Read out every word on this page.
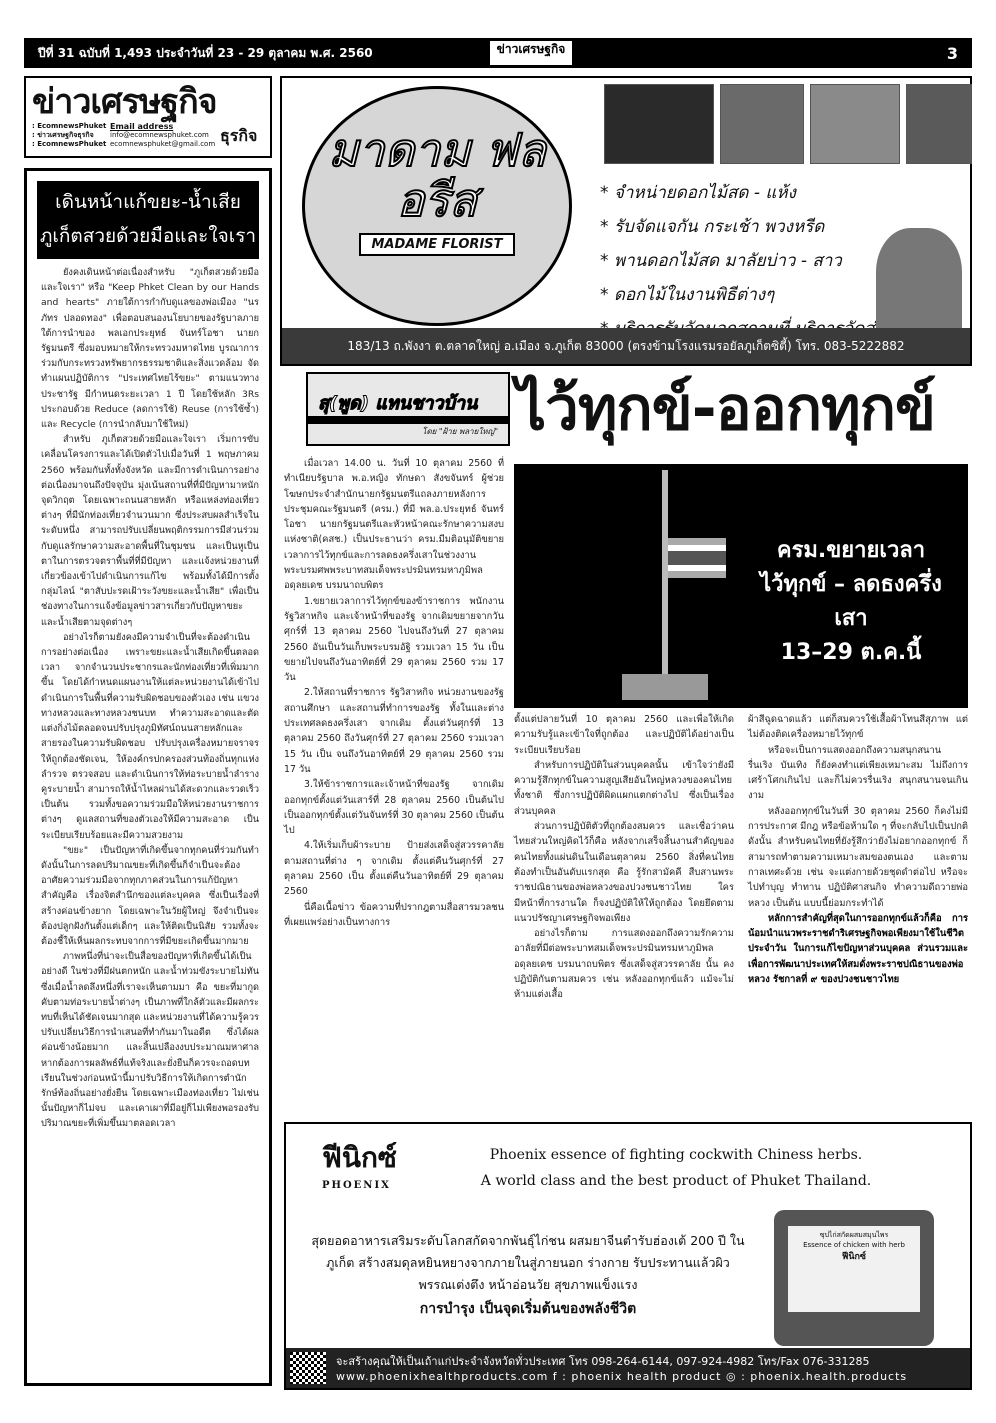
ปีที่ 31 ฉบับที่ 1,493 ประจำวันที่ 23 - 29 ตุลาคม พ.ศ. 2560	ข่าวเศรษฐกิจ	3
ข่าวเศรษฐกิจ
: EcomnewsPhuket
: ข่าวเศรษฐกิจธุรกิจ
: EcomnewsPhuket
Email address
info@ecomnewsphuket.com
ecomnewsphuket@gmail.com ธุรกิจ
เดินหน้าแก้ขยะ-น้ำเสีย
ภูเก็ตสวยด้วยมือและใจเรา

ยังคงเดินหน้าต่อเนื่องสำหรับ "ภูเก็ตสวยด้วยมือและใจเรา" หรือ "Keep Phket Clean by our Hands and hearts" ภายใต้การกำกับดูแลของพ่อเมือง "นรภัทร ปลอดทอง" เพื่อตอบสนองนโยบายของรัฐบาลภายใต้การนำของ พลเอกประยุทธ์ จันทร์โอชา นายกรัฐมนตรี ซึ่งมอบหมายให้กระทรวงมหาดไทย บูรณาการร่วมกับกระทรวงทรัพยากรธรรมชาติและสิ่งแวดล้อม จัดทำแผนปฏิบัติการ "ประเทศไทยไร้ขยะ" ตามแนวทางประชารัฐ มีกำหนดระยะเวลา 1 ปี โดยใช้หลัก 3Rs ประกอบด้วย Reduce (ลดการใช้) Reuse (การใช้ซ้ำ) และ Recycle (การนำกลับมาใช้ใหม่)

สำหรับ ภูเก็ตสวยด้วยมือและใจเรา เริ่มการขับเคลื่อนโครงการและได้เปิดตัวไปเมื่อวันที่ 1 พฤษภาคม 2560 พร้อมกันทั้งทั้งจังหวัด และมีการดำเนินการอย่างต่อเนื่องมาจนถึงปัจจุบัน มุ่งเน้นสถานที่ที่มีปัญหามาหนัก จุดวิกฤต โดยเฉพาะถนนสายหลัก หรือแหล่งท่องเที่ยวต่างๆ ที่มีนักท่องเที่ยวจำนวนมาก ซึ่งประสบผลสำเร็จในระดับหนึ่ง สามารถปรับเปลี่ยนพฤติกรรมการมีส่วนร่วมกับดูแลรักษาความสะอาดพื้นที่ในชุมชน และเป็นหูเป็นตาในการตรวจตราพื้นที่ที่มีปัญหา และแจ้งหน่วยงานที่เกี่ยวข้องเข้าไปดำเนินการแก้ไข พร้อมทั้งได้มีการตั้งกลุ่มไลน์ "ตาสับปะรดเฝ้าระวังขยะและน้ำเสีย" เพื่อเป็นช่องทางในการแจ้งข้อมูลข่าวสารเกี่ยวกับปัญหาขยะและน้ำเสียตามจุดต่างๆ

อย่างไรก็ตามยังคงมีความจำเป็นที่จะต้องดำเนินการอย่างต่อเนื่อง เพราะขยะและน้ำเสียเกิดขึ้นตลอดเวลา จากจำนวนประชากรและนักท่องเที่ยวที่เพิ่มมากขึ้น โดยได้กำหนดแผนงานให้แต่ละหน่วยงานได้เข้าไปดำเนินการในพื้นที่ความรับผิดชอบของตัวเอง เช่น แขวงทางหลวงและทางหลวงชนบท ทำความสะอาดและตัดแต่งกิ่งไม้ตลอดจนปรับปรุงภูมิทัศน์ถนนสายหลักและสายรองในความรับผิดชอบ ปรับปรุงเครื่องหมายจราจรให้ถูกต้องชัดเจน, ให้องค์กรปกครองส่วนท้องถิ่นทุกแห่งลำรวจ ตรวจสอบ และดำเนินการให้ท่อระบายน้ำลำราง คูระบายน้ำ สามารถให้น้ำไหลผ่านได้สะดวกและรวดเร็ว เป็นต้น รวมทั้งขอความร่วมมือให้หน่วยงานราชการต่างๆ ดูแลสถานที่ของตัวเองให้มีความสะอาด เป็นระเบียบเรียบร้อยและมีความสวยงาม

"ขยะ" เป็นปัญหาที่เกิดขึ้นจากทุกคนที่ร่วมกันทำ ดังนั้นในการลดปริมาณขยะที่เกิดขึ้นก็จำเป็นจะต้องอาศัยความร่วมมือจากทุกภาคส่วนในการแก้ปัญหา สำคัญคือ เรื่องจิตสำนึกของแต่ละบุคคล ซึ่งเป็นเรื่องที่สร้างค่อนข้างยาก โดยเฉพาะในวัยผู้ใหญ่ จึงจำเป็นจะต้องปลูกฝังกันตั้งแต่เด็กๆ และให้ติดเป็นนิสัย รวมทั้งจะต้องชี้ให้เห็นผลกระทบจากการที่มีขยะเกิดขึ้นมากมาย

ภาพหนึ่งที่น่าจะเป็นสื่อของปัญหาที่เกิดขึ้นได้เป็นอย่างดี ในช่วงที่มีฝนตกหนัก และน้ำท่วมขังระบายไม่ทัน ซึ่งเมื่อน้ำลดลึงหนึ่งที่เราจะเห็นตามมา คือ ขยะที่มากูดคับตามท่อระบายน้ำต่างๆ เป็นภาพที่ใกล้ตัวและมีผลกระทบที่เห็นได้ชัดเจนมากสุด และหน่วยงานที่ได้ความรู้ควรปรับเปลี่ยนวิธีการนำเสนอที่ทำกันมาในอดีต ซึ่งได้ผลค่อนข้างน้อยมาก และสิ้นเปลืองงบประมาณมหาศาล หากต้องการผลลัพธ์ที่แท้จริงและยั่งยืนก็ควรจะถอดบทเรียนในช่วงก่อนหน้านี้มาปรับวิธีการให้เกิดการตำนักรักษ์ท้องถิ่นอย่างยั่งยืน โดยเฉพาะเมืองท่องเที่ยว ไม่เช่นนั้นปัญหาก็ไม่จบ และเคาเผาที่มีอยู่ก็ไม่เพียงพอรองรับปริมาณขยะที่เพิ่มขึ้นมาตลอดเวลา

มาดาม ฟลอรีส
MADAME FLORIST
* จำหน่ายดอกไม้สด - แห้ง
* รับจัดแจกัน กระเช้า พวงหรีด
* พานดอกไม้สด มาลัยบ่าว - สาว
* ดอกไม้ในงานพิธีต่างๆ
183/13 ถ.พังงา ต.ตลาดใหญ่ อ.เมือง จ.ภูเก็ต 83000 (ตรงข้ามโรงแรมรอยัลภูเก็ตซิตี้) โทร. 083-5222882
สุ(พูด) แทนชาวบ้าน
โดย "ฝ้าย พลายใหญ่" ไว้ทุกข์-ออกทุกข์

เมื่อเวลา 14.00 น. วันที่ 10 ตุลาคม 2560 ที่ทำเนียบรัฐบาล พ.อ.หญิง ทักษดา สังขจันทร์ ผู้ช่วยโฆษกประจำสำนักนายกรัฐมนตรีแถลงภายหลังการประชุมคณะรัฐมนตรี (ครม.) ที่มี พล.อ.ประยุทธ์ จันทร์โอชา นายกรัฐมนตรีและหัวหน้าคณะรักษาความสงบแห่งชาติ(คสช.) เป็นประธานว่า ครม.มีมติอนุมัติขยายเวลาการไว้ทุกข์และการลดธงครึ่งเสาในช่วงงานพระบรมศพพระบาทสมเด็จพระปรมินทรมหาภูมิพลอดุลยเดช บรมนาถบพิตร

1.ขยายเวลาการไว้ทุกข์ของข้าราชการ พนักงานรัฐวิสาหกิจ และเจ้าหน้าที่ของรัฐ จากเดิมขยายจากวันศุกร์ที่ 13 ตุลาคม 2560 ไปจนถึงวันที่ 27 ตุลาคม 2560 อันเป็นวันเก็บพระบรมอัฐิ รวมเวลา 15 วัน เป็น ขยายไปจนถึงวันอาทิตย์ที่ 29 ตุลาคม 2560 รวม 17 วัน

2.ให้สถานที่ราชการ รัฐวิสาหกิจ หน่วยงานของรัฐ สถานศึกษา และสถานที่ทำการของรัฐ ทั้งในและต่างประเทศลดธงครึ่งเสา จากเดิม ตั้งแต่วันศุกร์ที่ 13 ตุลาคม 2560 ถึงวันศุกร์ที่ 27 ตุลาคม 2560 รวมเวลา 15 วัน เป็น จนถึงวันอาทิตย์ที่ 29 ตุลาคม 2560 รวม 17 วัน

3.ให้ข้าราชการและเจ้าหน้าที่ของรัฐ จากเดิม ออกทุกข์ตั้งแต่วันเสาร์ที่ 28 ตุลาคม 2560 เป็นต้นไป เป็นออกทุกข์ตั้งแต่วันจันทร์ที่ 30 ตุลาคม 2560 เป็นต้นไป

4.ให้เริ่มเก็บผ้าระบาย ป้ายส่งเสด็จสู่สวรรคาลัย ตามสถานที่ต่าง ๆ จากเดิม ตั้งแต่คืนวันศุกร์ที่ 27 ตุลาคม 2560 เป็น ตั้งแต่คืนวันอาทิตย์ที่ 29 ตุลาคม 2560

นี่คือเนื้อข่าว ข้อความที่ปรากฎตามสื่อสารมวลชนที่เผยแพร่อย่างเป็นทางการ

ครม.ขยายเวลา
ไว้ทุกข์ – ลดธงครึ่งเสา
13–29 ต.ค.นี้

ตั้งแต่ปลายวันที่ 10 ตุลาคม 2560 และเพื่อให้เกิดความรับรู้และเข้าใจที่ถูกต้อง และปฏิบัติได้อย่างเป็นระเบียบเรียบร้อย

สำหรับการปฏิบัติในส่วนบุคคลนั้น เข้าใจว่ายังมีความรู้สึกทุกข์ในความสูญเสียอันใหญ่หลวงของคนไทยทั้งชาติ ซึ่งการปฏิบัติผิดแผกแตกต่างไป ซึ่งเป็นเรื่องส่วนบุคคล

ส่วนการปฏิบัติตัวที่ถูกต้องสมควร และเชื่อว่าคนไทยส่วนใหญ่คิดไว้ก็คือ หลังจากเสร็จสิ้นงานสำคัญของคนไทยทั้งแผ่นดินในเดือนตุลาคม 2560 สิ่งที่คนไทยต้องทำเป็นอันดับแรกสุด คือ รู้รักสามัคคี สืบสานพระราชปณิธานของพ่อหลวงของปวงชนชาวไทย ใครมีหน้าที่การงานใด ก็จงปฏิบัติให้ให้ถูกต้อง โดยยึดตามแนวปรัชญาเศรษฐกิจพอเพียง

อย่างไรก็ตาม การแสดงออกถึงความรักความอาลัยที่มีต่อพระบาทสมเด็จพระปรมินทรมหาภูมิพลอดุลยเดช บรมนาถบพิตร ซึ่งเสด็จสู่สวรรคาลัย นั้น คงปฏิบัติกันตามสมควร เช่น หลังออกทุกข์แล้ว แม้จะไม่ห้ามแต่งเสื้อ

ผ้าสีฉูดฉาดแล้ว แต่ก็สมควรใช้เสื้อผ้าโทนสีสุภาพ แต่ไม่ต้องติดเครื่องหมายไว้ทุกข์

หรือจะเป็นการแสดงออกถึงความสนุกสนาน รื่นเริง บันเทิง ก็ยังคงทำแต่เพียงเหมาะสม ไม่ถึงการเศร้าโศกเกินไป และก็ไม่ควรรื่นเริง สนุกสนานจนเกินงาม

หลังออกทุกข์ในวันที่ 30 ตุลาคม 2560 ก็คงไม่มีการประกาศ มีกฎ หรือข้อห้ามใด ๆ ที่จะกลับไปเป็นปกติ ดังนั้น สำหรับคนไทยที่ยังรู้สึกว่ายังไม่อยากออกทุกข์ ก็สามารถทำตามความเหมาะสมของตนเอง และตามกาลเทศะด้วย เช่น จะแต่งกายด้วยชุดดำต่อไป หรือจะไปทำบุญ ทำทาน ปฏิบัติศาสนกิจ ทำความดีถวายพ่อหลวง เป็นต้น แบบนี้ย่อมกระทำได้

หลักการสำคัญที่สุดในการออกทุกข์แล้วก็คือ การน้อมนำแนวพระราชดำริเศรษฐกิจพอเพียงมาใช้ในชีวิตประจำวัน ในการแก้ไขปัญหาส่วนบุคคล ส่วนรวมและเพื่อการพัฒนาประเทศให้สมดั่งพระราชปณิธานของพ่อหลวง รัชกาลที่ ๙ ของปวงชนชาวไทย

ฟีนิกซ์
PHOENIX
Phoenix essence of fighting cockwith Chiness herbs.
A world class and the best product of Phuket Thailand.
สุดยอดอาหารเสริมระดับโลกสกัดจากพันธุ์ไก่ชน ผสมยาจีนตำรับฮ่องเต้ 200 ปี ในภูเก็ต สร้างสมดุลหยินหยางจากภายในสู่ภายนอก ร่างกาย รับประทานแล้วผิวพรรณเต่งตึง หน้าอ่อนวัย สุขภาพแข็งแรง
การบำรุง เป็นจุดเริ่มต้นของพลังชีวิต
ซุปไก่สกัดผสมสมุนไพร
Essence of chicken with herb
ฟีนิกซ์
จะสร้างคุณให้เป็นเถ้าแก่ประจำจังหวัดทั่วประเทศ โทร 098-264-6144, 097-924-4982 โทร/Fax 076-331285
www.phoenixhealthproducts.com f : phoenix health product ◎ : phoenix.health.products
